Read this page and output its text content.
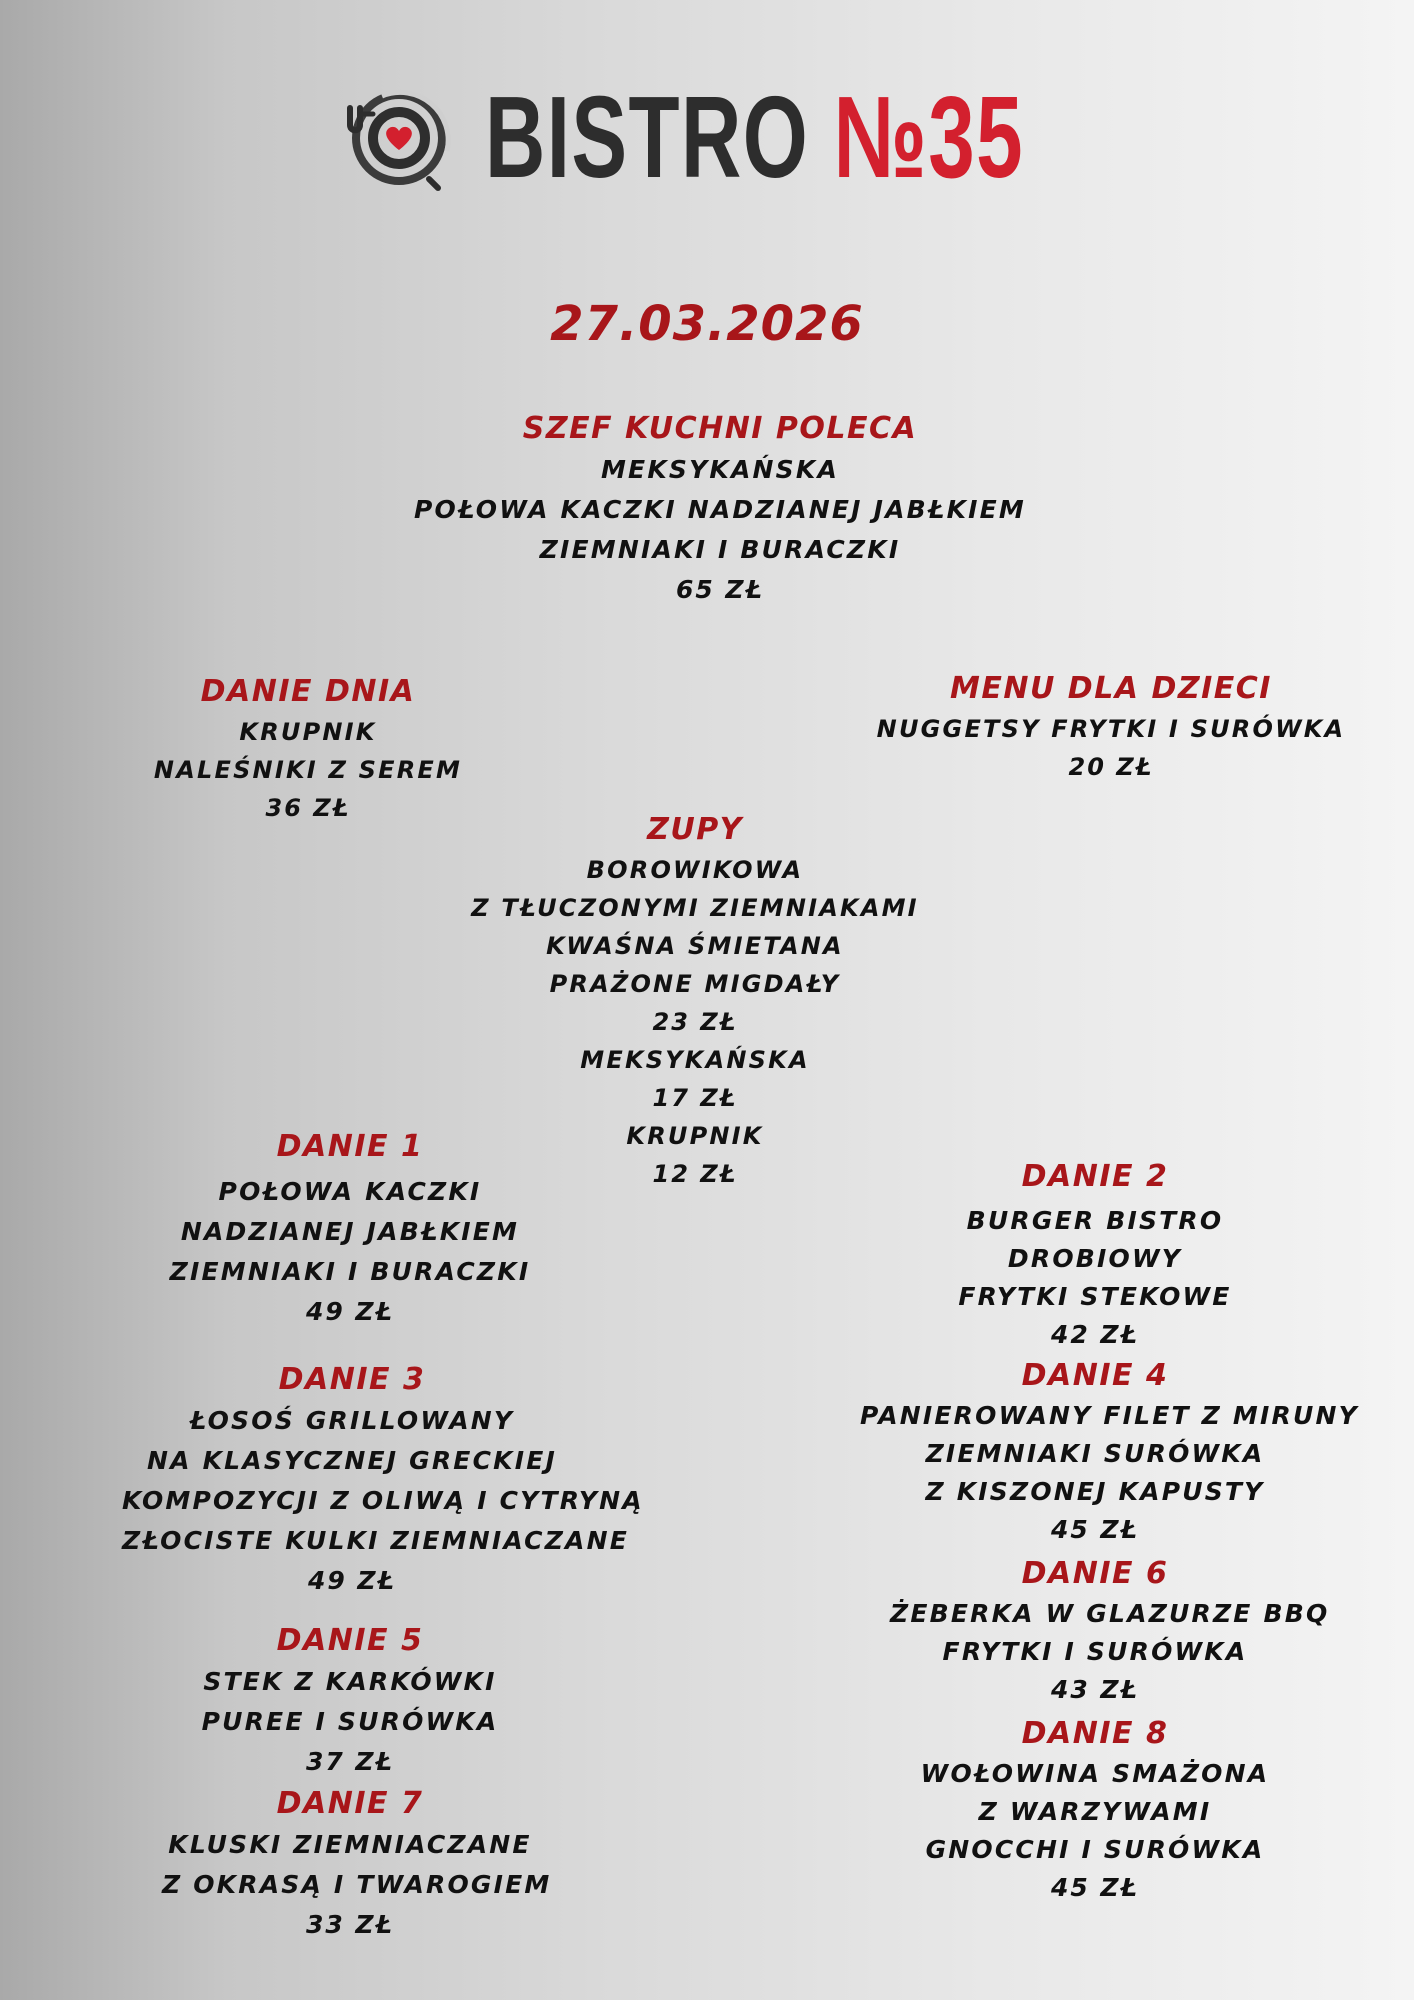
BISTRO №35
27.03.2026
SZEF KUCHNI POLECA
MEKSYKAŃSKA
POŁOWA KACZKI NADZIANEJ JABŁKIEM
ZIEMNIAKI I BURACZKI
65 ZŁ
DANIE DNIA
KRUPNIK
NALEŚNIKI Z SEREM
36 ZŁ
MENU DLA DZIECI
NUGGETSY FRYTKI I SURÓWKA
20 ZŁ
ZUPY
BOROWIKOWA
Z TŁUCZONYMI ZIEMNIAKAMI
KWAŚNA ŚMIETANA
PRAŻONE MIGDAŁY
23 ZŁ
MEKSYKAŃSKA
17 ZŁ
KRUPNIK
12 ZŁ
DANIE 1
POŁOWA KACZKI
NADZIANEJ JABŁKIEM
ZIEMNIAKI I BURACZKI
49 ZŁ
DANIE 2
BURGER BISTRO
DROBIOWY
FRYTKI STEKOWE
42 ZŁ
DANIE 3
ŁOSOŚ GRILLOWANY
NA KLASYCZNEJ GRECKIEJ
KOMPOZYCJI Z OLIWĄ I CYTRYNĄ
ZŁOCISTE KULKI ZIEMNIACZANE
49 ZŁ
DANIE 4
PANIEROWANY FILET Z MIRUNY
ZIEMNIAKI SURÓWKA
Z KISZONEJ KAPUSTY
45 ZŁ
DANIE 5
STEK Z KARKÓWKI
PUREE I SURÓWKA
37 ZŁ
DANIE 6
ŻEBERKA W GLAZURZE BBQ
FRYTKI I SURÓWKA
43 ZŁ
DANIE 7
KLUSKI ZIEMNIACZANE
Z OKRASĄ I TWAROGIEM
33 ZŁ
DANIE 8
WOŁOWINA SMAŻONA
Z WARZYWAMI
GNOCCHI I SURÓWKA
45 ZŁ
